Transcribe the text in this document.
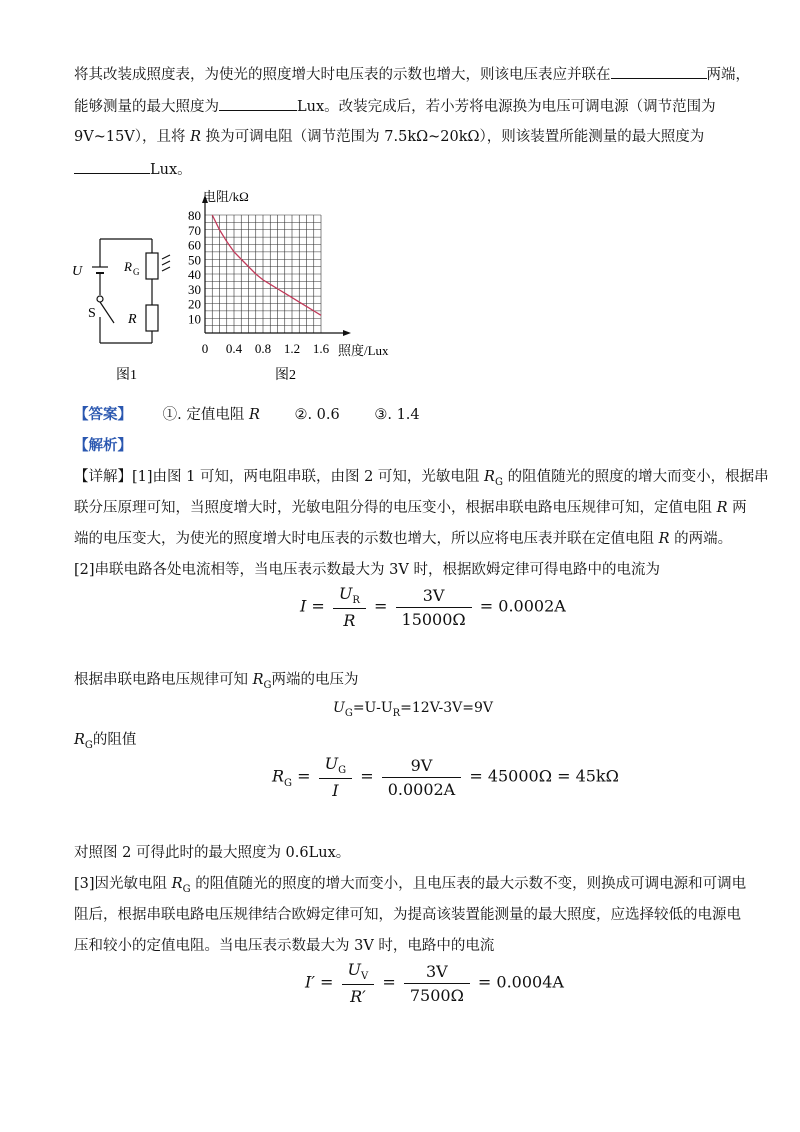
将其改装成照度表，为使光的照度增大时电压表的示数也增大，则该电压表应并联在	两端，
能够测量的最大照度为	Lux。改装完成后，若小芳将电源换为电压可调电源（调节范围为
9V~15V），且将 R 换为可调电阻（调节范围为 7.5kΩ~20kΩ），则该装置所能测量的最大照度为
Lux。
U	R G
S R
图1
10
20
30
40
50
60
70
80
0 0.4 0.8 1.2 1.6
电阻/kΩ
照度/Lux
图2
【答案】 ①. 定值电阻 R ②. 0.6 ③. 1.4
【解析】
【详解】[1]由图 1 可知，两电阻串联，由图 2 可知，光敏电阻 $R_G$ 的阻值随光的照度的增大而变小，根据串
联分压原理可知，当照度增大时，光敏电阻分得的电压变小，根据串联电路电压规律可知，定值电阻 R 两
端的电压变大，为使光的照度增大时电压表的示数也增大，所以应将电压表并联在定值电阻 R 的两端。
[2]串联电路各处电流相等，当电压表示数最大为 3V 时，根据欧姆定律可得电路中的电流为
$I = \frac{U_R}{R} = \frac{3V}{15000\Omega} = 0.0002A$
根据串联电路电压规律可知 $R_G$两端的电压为
$U_G=U-U_R=12V-3V=9V$
$R_G$的阻值
$R_G = \frac{U_G}{I} = \frac{9V}{0.0002A} = 45000\Omega = 45k\Omega$
对照图 2 可得此时的最大照度为 0.6Lux。
[3]因光敏电阻 $R_G$ 的阻值随光的照度的增大而变小，且电压表的最大示数不变，则换成可调电源和可调电
阻后，根据串联电路电压规律结合欧姆定律可知，为提高该装置能测量的最大照度，应选择较低的电源电
压和较小的定值电阻。当电压表示数最大为 3V 时，电路中的电流
$I' = \frac{U_V}{R'} = \frac{3V}{7500\Omega} = 0.0004A$
